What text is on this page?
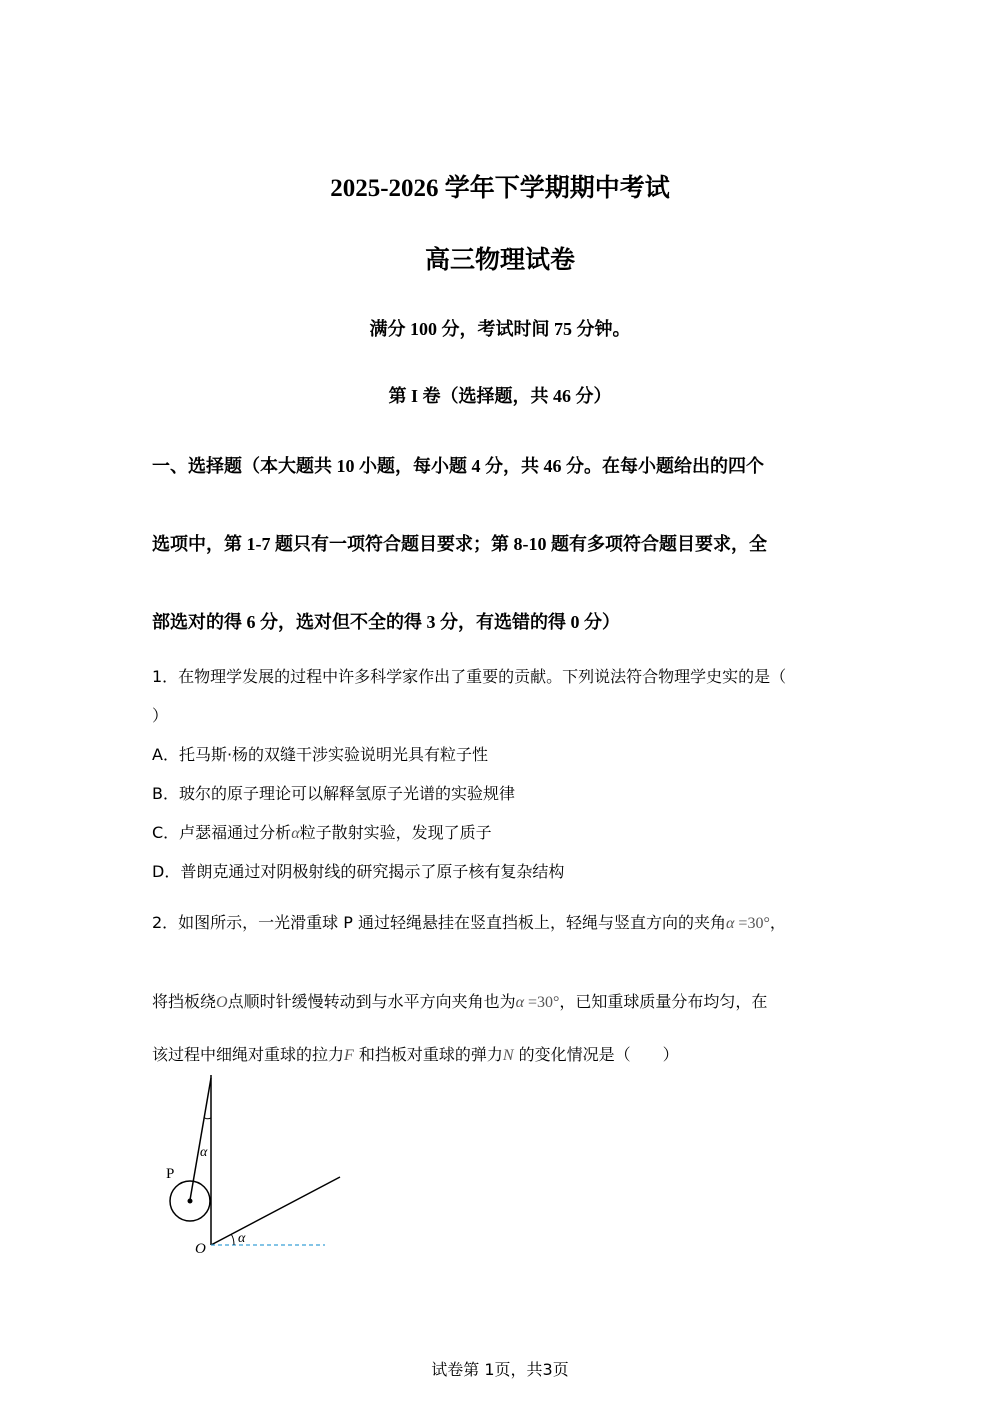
2025-2026 学年下学期期中考试
高三物理试卷
满分 100 分，考试时间 75 分钟。
第 I 卷（选择题，共 46 分）
一、选择题（本大题共 10 小题，每小题 4 分，共 46 分。在每小题给出的四个
选项中，第 1-7 题只有一项符合题目要求；第 8-10 题有多项符合题目要求，全
部选对的得 6 分，选对但不全的得 3 分，有选错的得 0 分）
1．在物理学发展的过程中许多科学家作出了重要的贡献。下列说法符合物理学史实的是（
）
A．托马斯·杨的双缝干涉实验说明光具有粒子性
B．玻尔的原子理论可以解释氢原子光谱的实验规律
C．卢瑟福通过分析α粒子散射实验，发现了质子
D．普朗克通过对阴极射线的研究揭示了原子核有复杂结构
2．如图所示，一光滑重球 P 通过轻绳悬挂在竖直挡板上，轻绳与竖直方向的夹角α =30°，
将挡板绕O点顺时针缓慢转动到与水平方向夹角也为α =30°，已知重球质量分布均匀，在
该过程中细绳对重球的拉力F 和挡板对重球的弹力N 的变化情况是（　　）
α
P
α
O
试卷第 1页，共3页
